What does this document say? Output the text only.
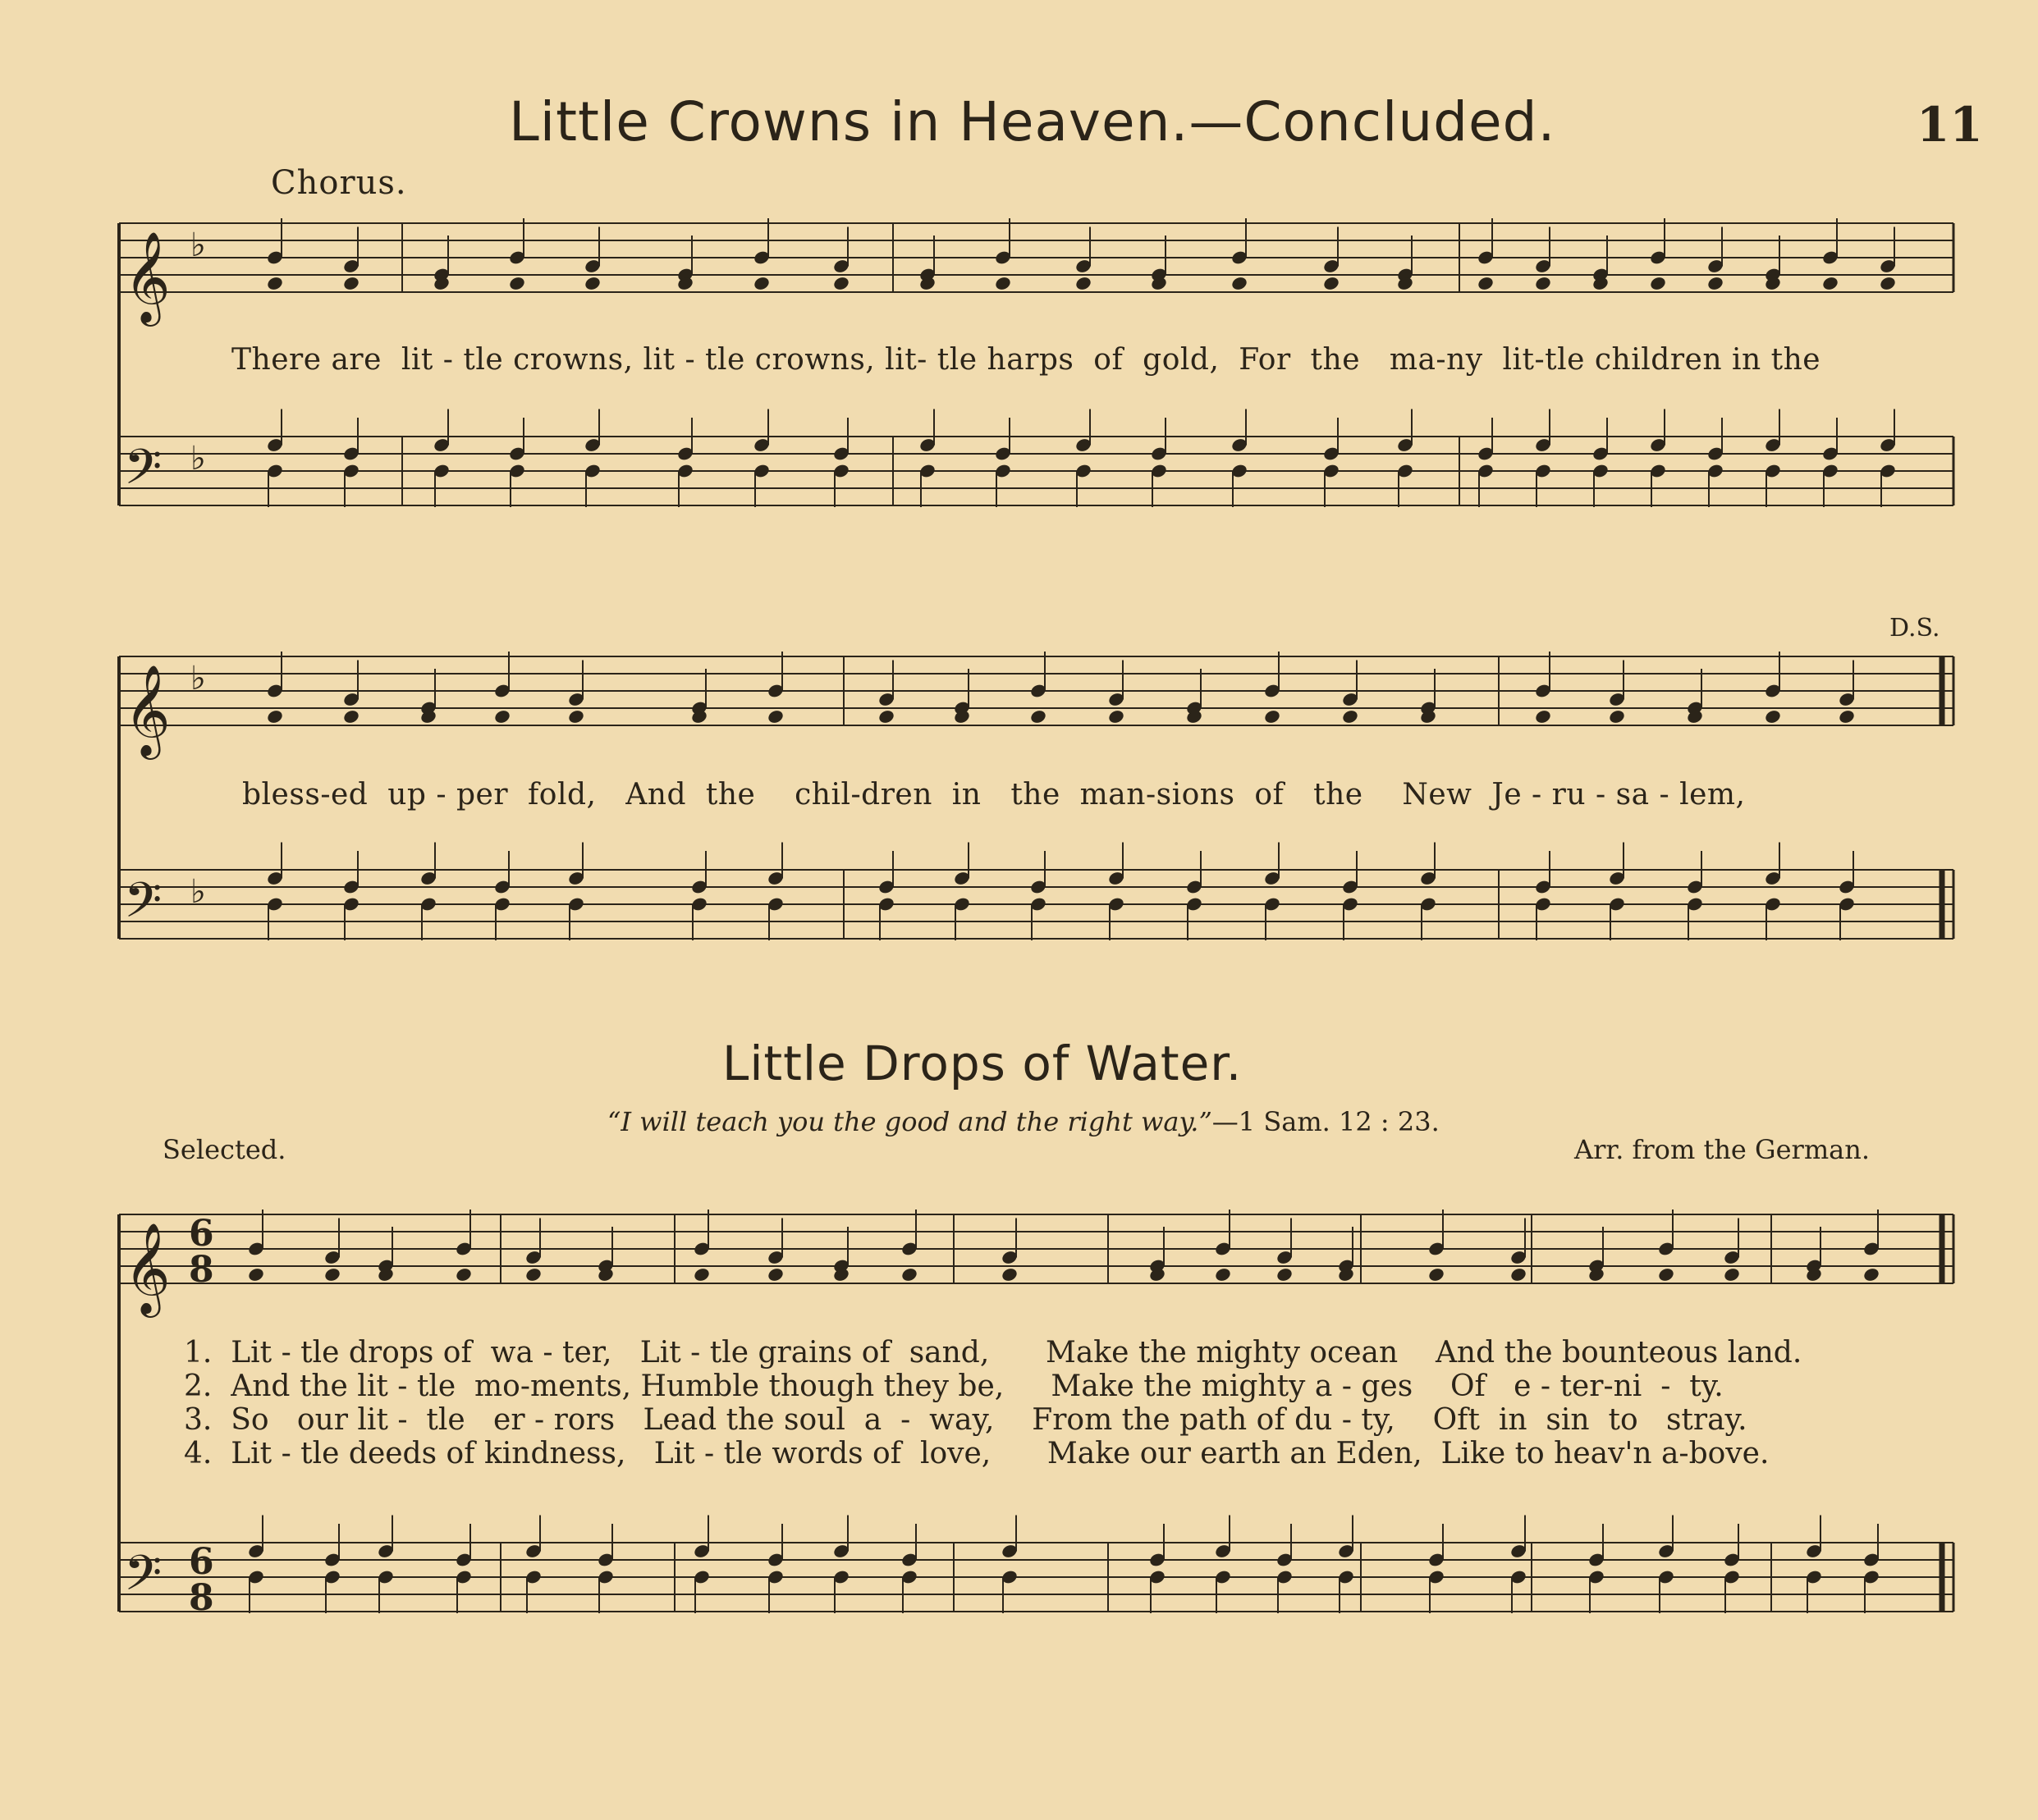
Little Crowns in Heaven.—Concluded.	11
Chorus.
D.S.
There are  lit - tle crowns, lit - tle crowns, lit- tle harps  of  gold,  For  the   ma-ny  lit-tle children in the
bless-ed  up - per  fold,   And  the    chil-dren  in   the  man-sions  of   the    New  Je - ru - sa - lem,
Little Drops of Water.
“I will teach you the good and the right way.”—1 Sam. 12 : 23.
Selected.	Arr. from the German.
1.  Lit - tle drops of  wa - ter,   Lit - tle grains of  sand,      Make the mighty ocean    And the bounteous land.
2.  And the lit - tle  mo-ments, Humble though they be,     Make the mighty a - ges    Of   e - ter-ni  -  ty.
3.  So   our lit -  tle   er - rors   Lead the soul  a  -  way,    From the path of du - ty,    Oft  in  sin  to   stray.
4.  Lit - tle deeds of kindness,   Lit - tle words of  love,      Make our earth an Eden,  Like to heav'n a-bove.
𝄞
𝄢
𝄞
𝄢
𝄞
𝄢
6
8
6
8
♭
♭
♭
♭
